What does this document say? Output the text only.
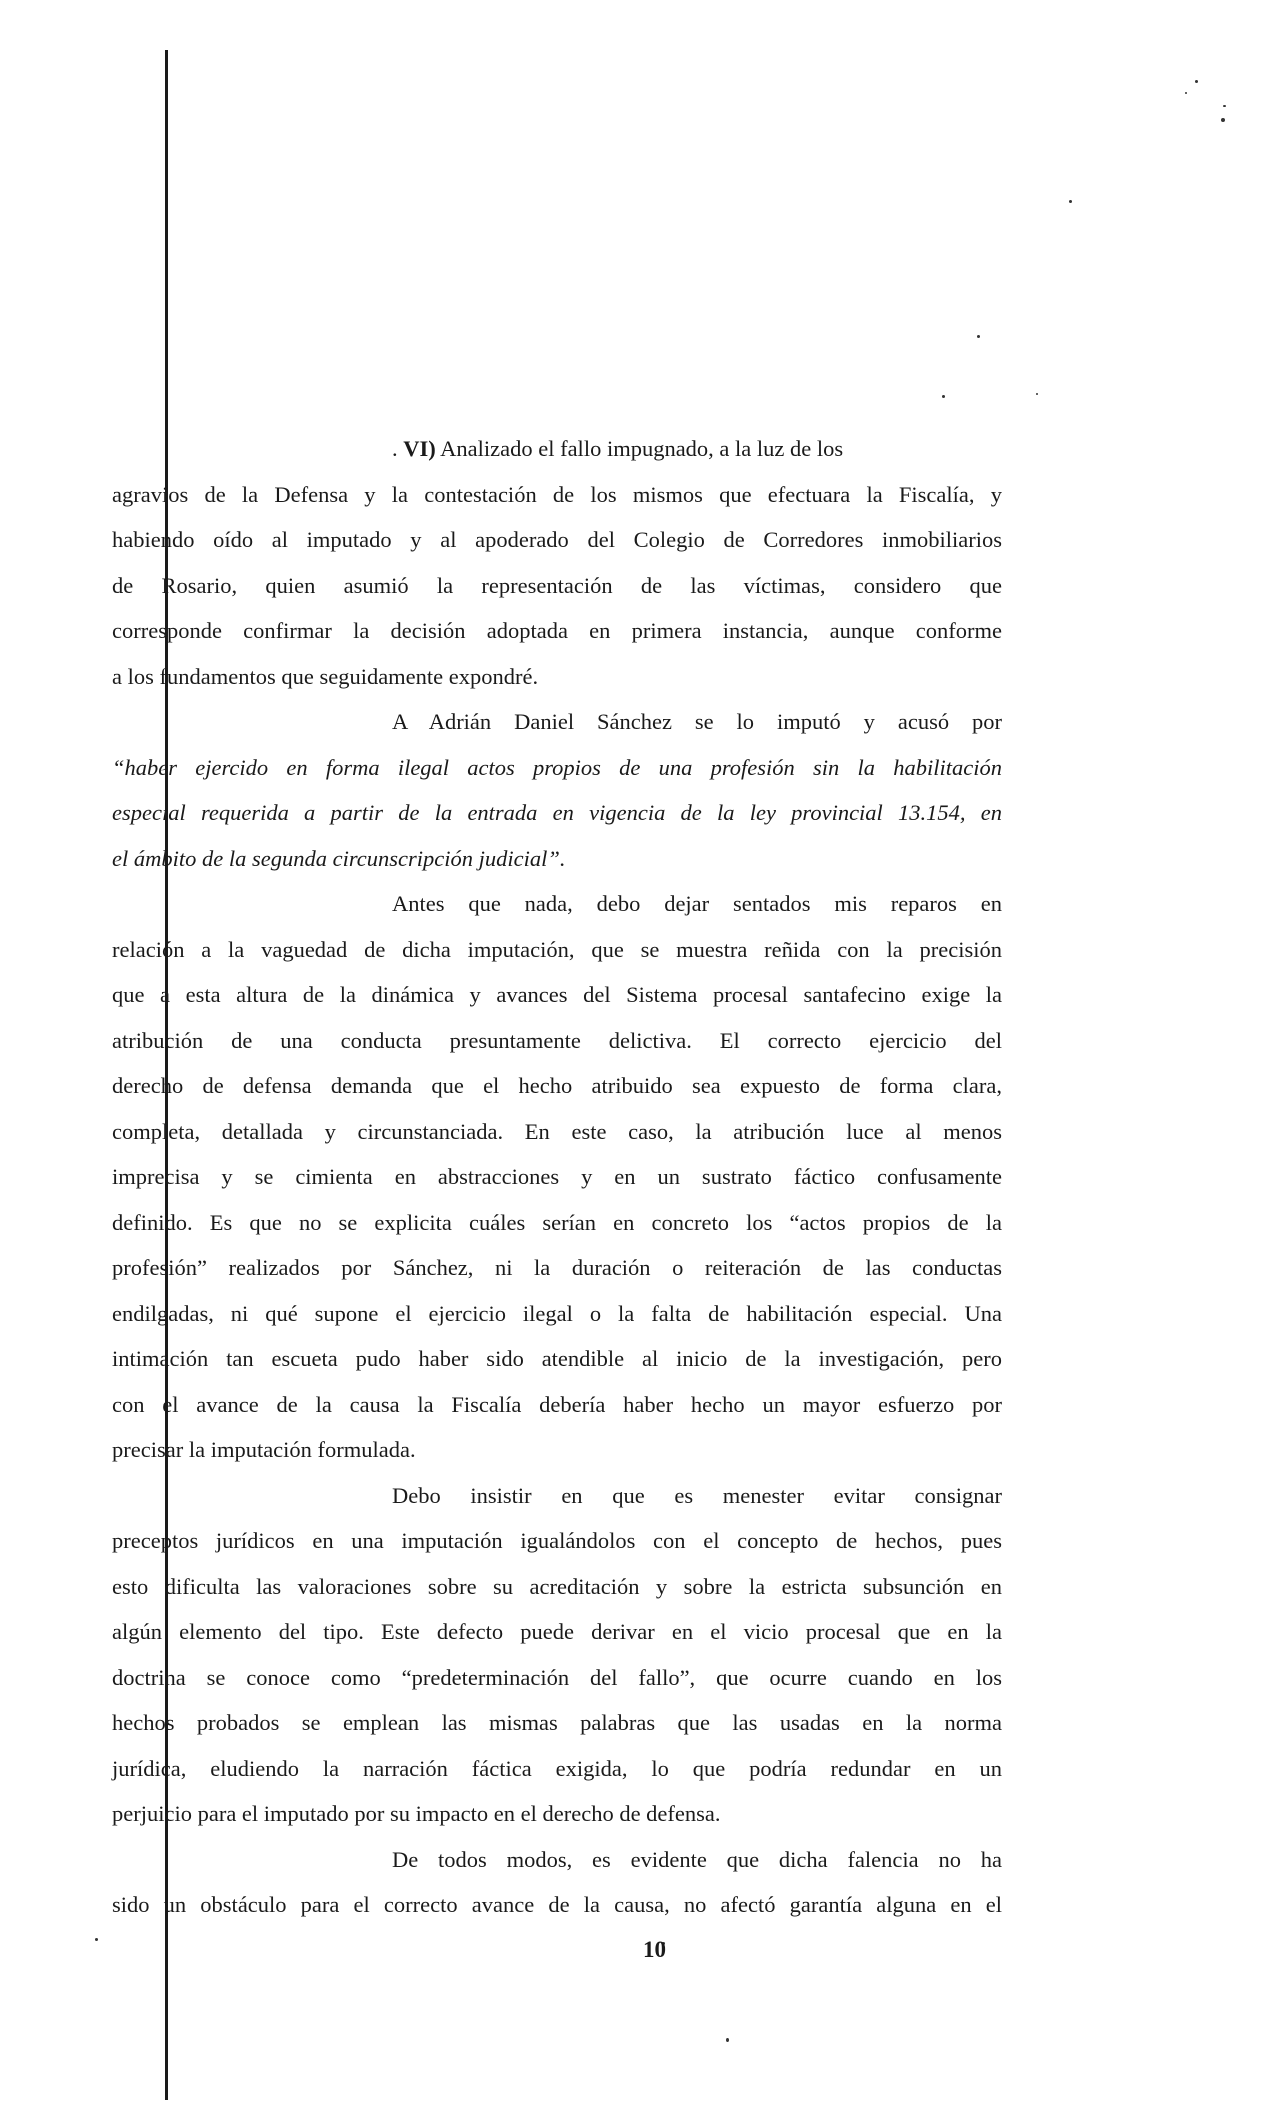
. VI) Analizado el fallo impugnado, a la luz de los
agravios de la Defensa y la contestación de los mismos que efectuara la Fiscalía, y
habiendo oído al imputado y al apoderado del Colegio de Corredores inmobiliarios
de Rosario, quien asumió la representación de las víctimas, considero que
corresponde confirmar la decisión adoptada en primera instancia, aunque conforme
a los fundamentos que seguidamente expondré.
A Adrián Daniel Sánchez se lo imputó y acusó por
“haber ejercido en forma ilegal actos propios de una profesión sin la habilitación
especial requerida a partir de la entrada en vigencia de la ley provincial 13.154, en
el ámbito de la segunda circunscripción judicial”.
Antes que nada, debo dejar sentados mis reparos en
relación a la vaguedad de dicha imputación, que se muestra reñida con la precisión
que a esta altura de la dinámica y avances del Sistema procesal santafecino exige la
atribución de una conducta presuntamente delictiva. El correcto ejercicio del
derecho de defensa demanda que el hecho atribuido sea expuesto de forma clara,
completa, detallada y circunstanciada. En este caso, la atribución luce al menos
imprecisa y se cimienta en abstracciones y en un sustrato fáctico confusamente
definido. Es que no se explicita cuáles serían en concreto los “actos propios de la
profesión” realizados por Sánchez, ni la duración o reiteración de las conductas
endilgadas, ni qué supone el ejercicio ilegal o la falta de habilitación especial. Una
intimación tan escueta pudo haber sido atendible al inicio de la investigación, pero
con el avance de la causa la Fiscalía debería haber hecho un mayor esfuerzo por
precisar la imputación formulada.
Debo insistir en que es menester evitar consignar
preceptos jurídicos en una imputación igualándolos con el concepto de hechos, pues
esto dificulta las valoraciones sobre su acreditación y sobre la estricta subsunción en
algún elemento del tipo. Este defecto puede derivar en el vicio procesal que en la
doctrina se conoce como “predeterminación del fallo”, que ocurre cuando en los
hechos probados se emplean las mismas palabras que las usadas en la norma
jurídica, eludiendo la narración fáctica exigida, lo que podría redundar en un
perjuicio para el imputado por su impacto en el derecho de defensa.
De todos modos, es evidente que dicha falencia no ha
sido un obstáculo para el correcto avance de la causa, no afectó garantía alguna en el
10
